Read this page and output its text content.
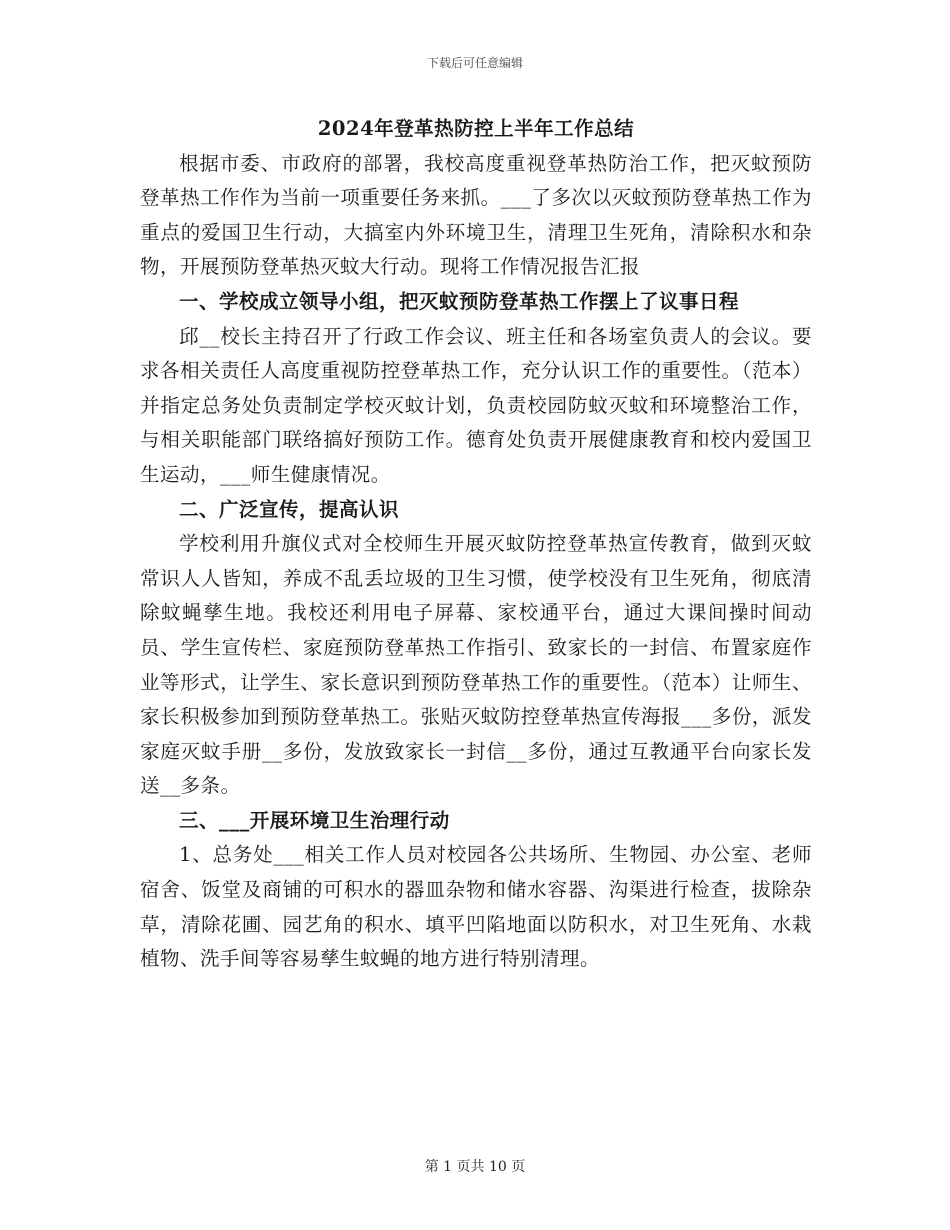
下载后可任意编辑
2024年登革热防控上半年工作总结

根据市委、市政府的部署，我校高度重视登革热防治工作，把灭蚊预防登革热工作作为当前一项重要任务来抓。___了多次以灭蚊预防登革热工作为重点的爱国卫生行动，大搞室内外环境卫生，清理卫生死角，清除积水和杂物，开展预防登革热灭蚊大行动。现将工作情况报告汇报

一、学校成立领导小组，把灭蚊预防登革热工作摆上了议事日程

邱__校长主持召开了行政工作会议、班主任和各场室负责人的会议。要求各相关责任人高度重视防控登革热工作，充分认识工作的重要性。（范本）并指定总务处负责制定学校灭蚊计划，负责校园防蚊灭蚊和环境整治工作，与相关职能部门联络搞好预防工作。德育处负责开展健康教育和校内爱国卫生运动，___师生健康情况。

二、广泛宣传，提高认识

学校利用升旗仪式对全校师生开展灭蚊防控登革热宣传教育，做到灭蚊常识人人皆知，养成不乱丢垃圾的卫生习惯，使学校没有卫生死角，彻底清除蚊蝇孳生地。我校还利用电子屏幕、家校通平台，通过大课间操时间动员、学生宣传栏、家庭预防登革热工作指引、致家长的一封信、布置家庭作业等形式，让学生、家长意识到预防登革热工作的重要性。（范本）让师生、家长积极参加到预防登革热工。张贴灭蚊防控登革热宣传海报___多份，派发家庭灭蚊手册__多份，发放致家长一封信__多份，通过互教通平台向家长发送__多条。

三、___开展环境卫生治理行动

1、总务处___相关工作人员对校园各公共场所、生物园、办公室、老师宿舍、饭堂及商铺的可积水的器皿杂物和储水容器、沟渠进行检查，拔除杂草，清除花圃、园艺角的积水、填平凹陷地面以防积水，对卫生死角、水栽植物、洗手间等容易孳生蚊蝇的地方进行特别清理。

第 1 页共 10 页
